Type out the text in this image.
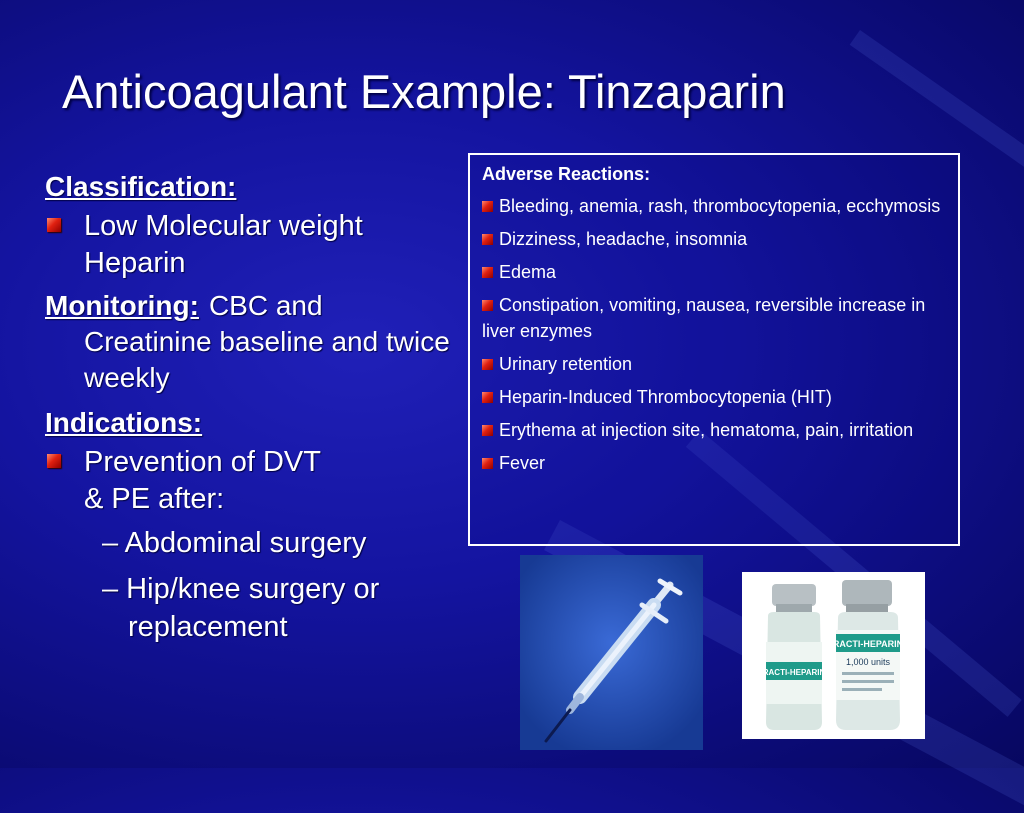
Anticoagulant Example: Tinzaparin
Classification:
Low Molecular weight Heparin
Monitoring: CBC and Creatinine baseline and twice weekly
Indications:
Prevention of DVT & PE after:
– Abdominal surgery
– Hip/knee surgery or replacement
Adverse Reactions:
Bleeding, anemia, rash, thrombocytopenia, ecchymosis
Dizziness, headache, insomnia
Edema
Constipation, vomiting, nausea, reversible increase in liver enzymes
Urinary retention
Heparin-Induced Thrombocytopenia (HIT)
Erythema at injection site, hematoma, pain, irritation
Fever
RACTI-HEPARIN
RACTI-HEPARIN
1,000 units
